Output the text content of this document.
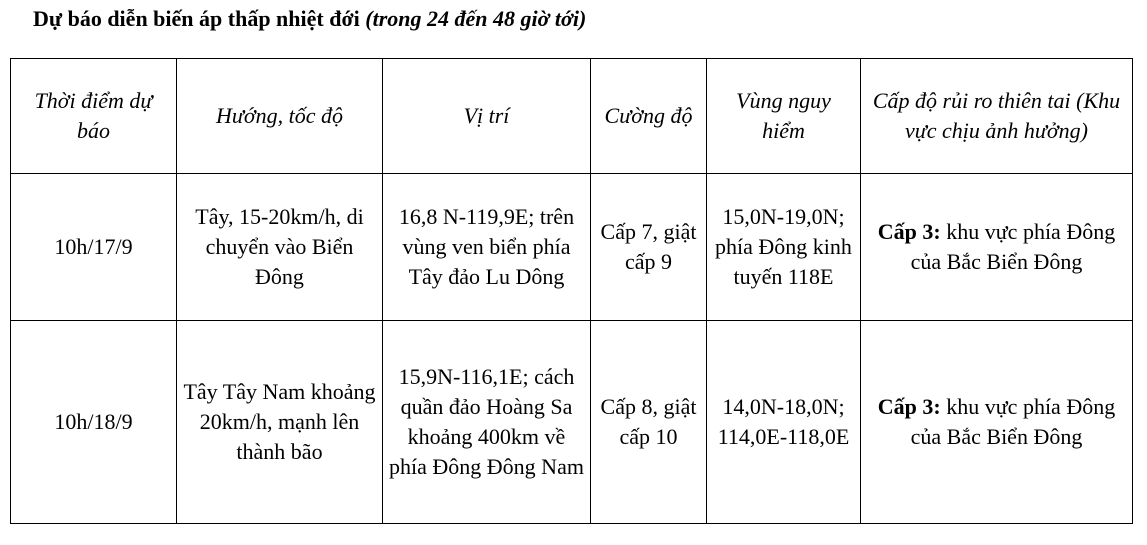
Dự báo diễn biến áp thấp nhiệt đới (trong 24 đến 48 giờ tới)
Thời điểm dự báo	Hướng, tốc độ	Vị trí	Cường độ	Vùng nguy hiểm	Cấp độ rủi ro thiên tai (Khu vực chịu ảnh hưởng)
10h/17/9	Tây, 15-20km/h, di chuyển vào Biển Đông	16,8 N-119,9E; trên vùng ven biển phía Tây đảo Lu Dông	Cấp 7, giật cấp 9	15,0N-19,0N; phía Đông kinh tuyến 118E	Cấp 3: khu vực phía Đông của Bắc Biển Đông
10h/18/9	Tây Tây Nam khoảng 20km/h, mạnh lên thành bão	15,9N-116,1E; cách quần đảo Hoàng Sa khoảng 400km về phía Đông Đông Nam	Cấp 8, giật cấp 10	14,0N-18,0N; 114,0E-118,0E	Cấp 3: khu vực phía Đông của Bắc Biển Đông
